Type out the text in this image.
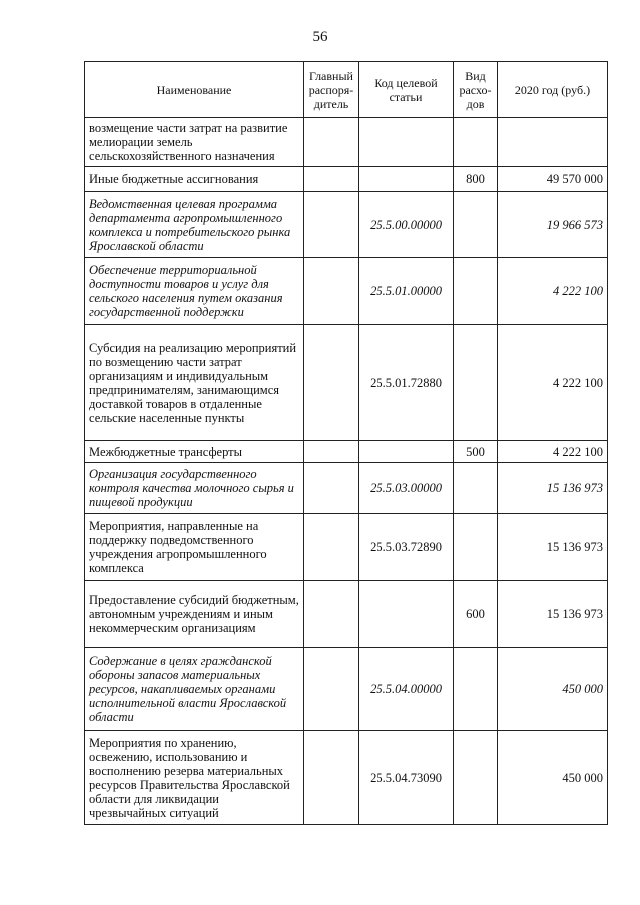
56
Наименование	Главный распоря-дитель	Код целевой статьи	Вид расхо-дов	2020 год (руб.)
возмещение части затрат на развитие мелиорации земель сельскохозяйственного назначения				
Иные бюджетные ассигнования			800	49 570 000
Ведомственная целевая программа департамента агропромышленного комплекса и потребительского рынка Ярославской области		25.5.00.00000		19 966 573
Обеспечение территориальной доступности товаров и услуг для сельского населения путем оказания государственной поддержки		25.5.01.00000		4 222 100
Субсидия на реализацию мероприятий по возмещению части затрат организациям и индивидуальным предпринимателям, занимающимся доставкой товаров в отдаленные сельские населенные пункты		25.5.01.72880		4 222 100
Межбюджетные трансферты			500	4 222 100
Организация государственного контроля качества молочного сырья и пищевой продукции		25.5.03.00000		15 136 973
Мероприятия, направленные на поддержку подведомственного учреждения агропромышленного комплекса		25.5.03.72890		15 136 973
Предоставление субсидий бюджетным, автономным учреждениям и иным некоммерческим организациям			600	15 136 973
Содержание в целях гражданской обороны запасов материальных ресурсов, накапливаемых органами исполнительной власти Ярославской области		25.5.04.00000		450 000
Мероприятия по хранению, освежению, использованию и восполнению резерва материальных ресурсов Правительства Ярославской области для ликвидации чрезвычайных ситуаций		25.5.04.73090		450 000
